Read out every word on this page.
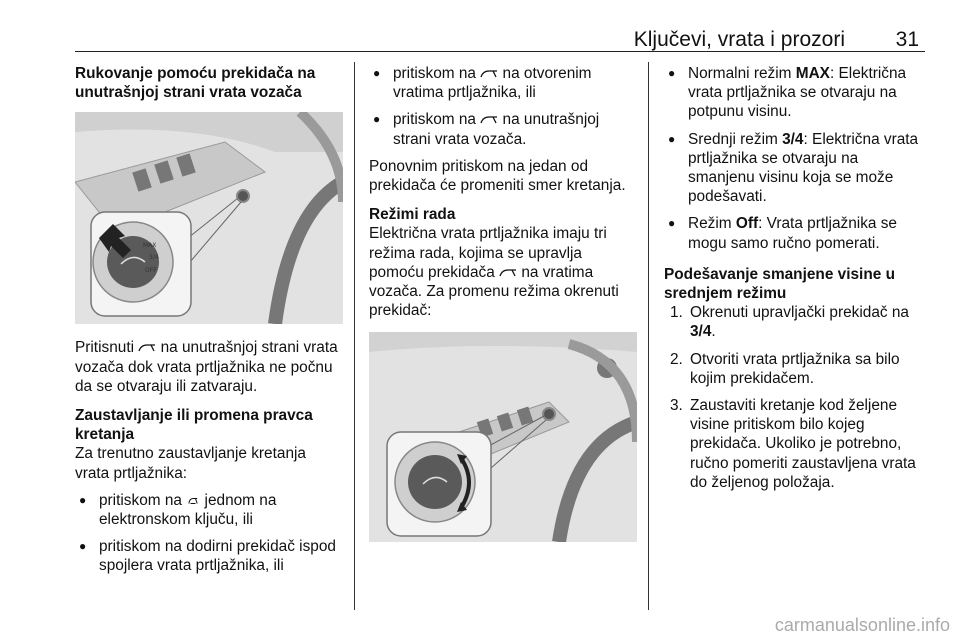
Ključevi, vrata i prozori 31
Rukovanje pomoću prekidača na unutrašnjoj strani vrata vozača
MAX
3/4
OFF
Pritisnuti  na unutrašnjoj strani vrata vozača dok vrata prtljažnika ne počnu da se otvaraju ili zatvaraju.
Zaustavljanje ili promena pravca kretanja
Za trenutno zaustavljanje kretanja vrata prtljažnika:
● pritiskom na  jednom na elektronskom ključu, ili
● pritiskom na dodirni prekidač ispod spojlera vrata prtljažnika, ili
● pritiskom na  na otvorenim vratima prtljažnika, ili
● pritiskom na  na unutrašnjoj strani vrata vozača.
Ponovnim pritiskom na jedan od prekidača će promeniti smer kretanja.
Režimi rada
Električna vrata prtljažnika imaju tri režima rada, kojima se upravlja pomoću prekidača  na vratima vozača. Za promenu režima okrenuti prekidač:
● Normalni režim MAX: Električna vrata prtljažnika se otvaraju na potpunu visinu.
● Srednji režim 3/4: Električna vrata prtljažnika se otvaraju na smanjenu visinu koja se može podešavati.
● Režim Off: Vrata prtljažnika se mogu samo ručno pomerati.
Podešavanje smanjene visine u srednjem režimu
1. Okrenuti upravljački prekidač na 3/4.
2. Otvoriti vrata prtljažnika sa bilo kojim prekidačem.
3. Zaustaviti kretanje kod željene visine pritiskom bilo kojeg prekidača. Ukoliko je potrebno, ručno pomeriti zaustavljena vrata do željenog položaja.
carmanualsonline.info
